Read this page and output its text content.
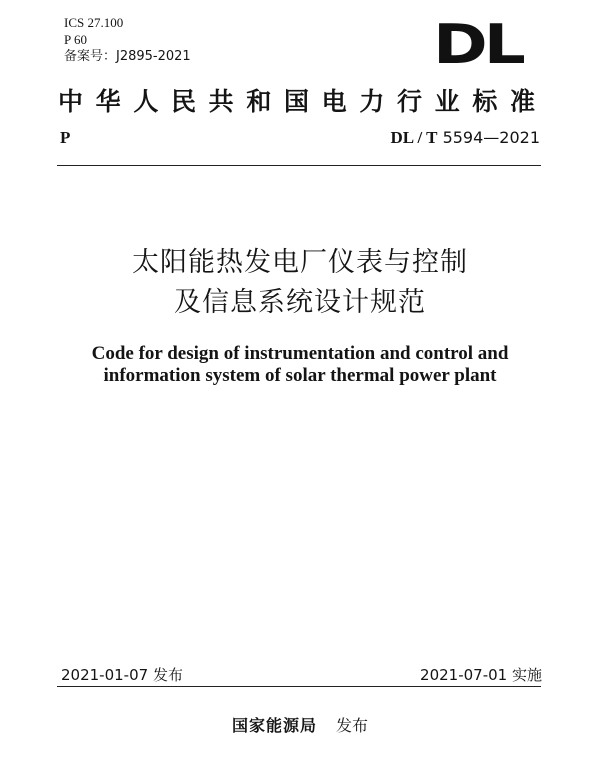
ICS 27.100
P 60
备案号：J2895-2021	DL
中华人民共和国电力行业标准
P	DL / T 5594—2021
太阳能热发电厂仪表与控制
及信息系统设计规范
Code for design of instrumentation and control and
information system of solar thermal power plant
2021-01-07 发布	2021-07-01 实施
国家能源局 发布
